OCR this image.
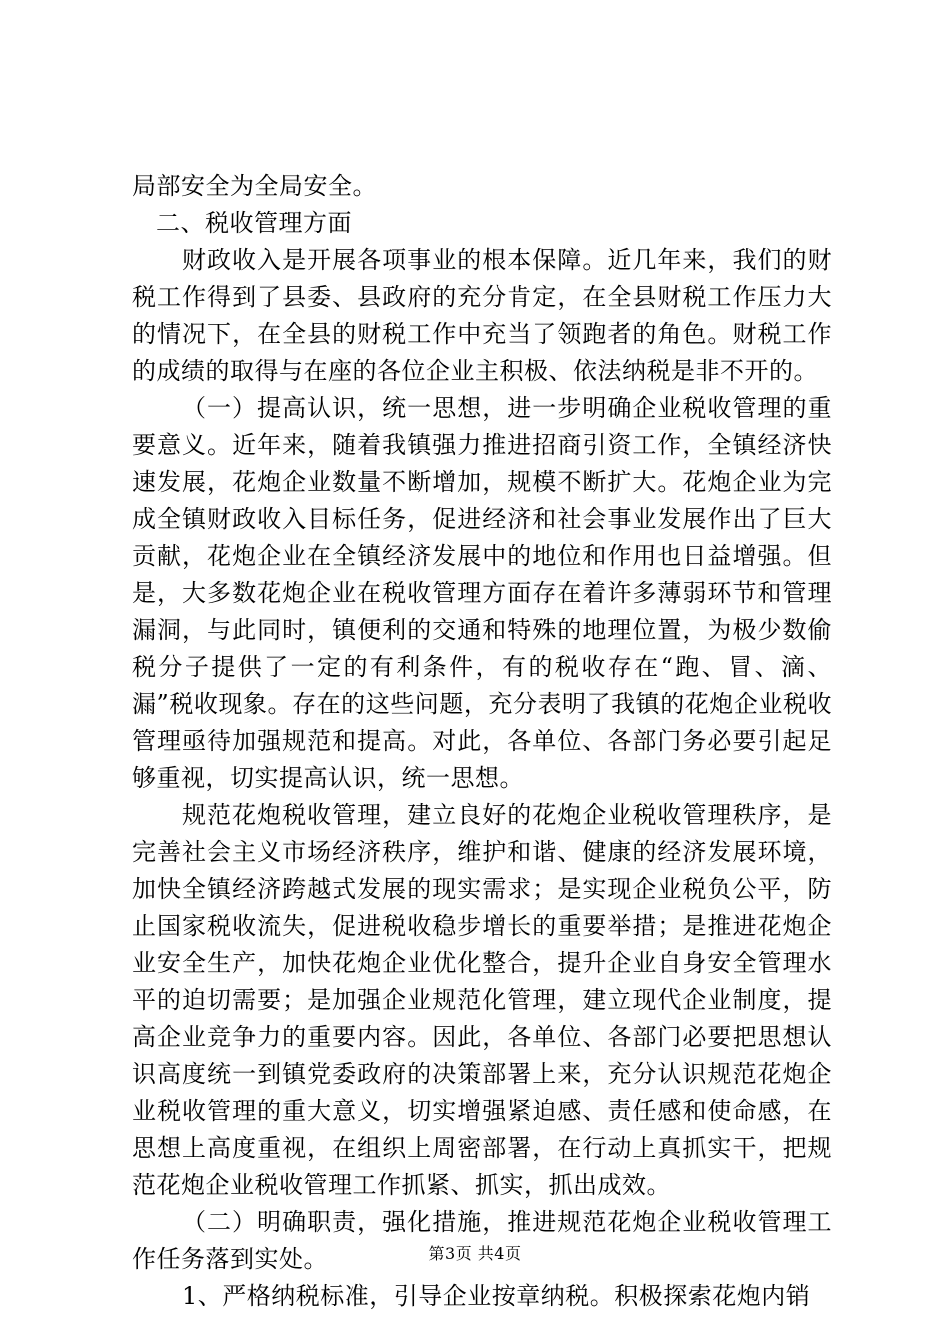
局部安全为全局安全。

二、税收管理方面

财政收入是开展各项事业的根本保障。近几年来，我们的财税工作得到了县委、县政府的充分肯定，在全县财税工作压力大的情况下，在全县的财税工作中充当了领跑者的角色。财税工作的成绩的取得与在座的各位企业主积极、依法纳税是非不开的。

（一）提高认识，统一思想，进一步明确企业税收管理的重要意义。近年来，随着我镇强力推进招商引资工作，全镇经济快速发展，花炮企业数量不断增加，规模不断扩大。花炮企业为完成全镇财政收入目标任务，促进经济和社会事业发展作出了巨大贡献，花炮企业在全镇经济发展中的地位和作用也日益增强。但是，大多数花炮企业在税收管理方面存在着许多薄弱环节和管理漏洞，与此同时，镇便利的交通和特殊的地理位置，为极少数偷税分子提供了一定的有利条件，有的税收存在“跑、冒、滴、漏”税收现象。存在的这些问题，充分表明了我镇的花炮企业税收管理亟待加强规范和提高。对此，各单位、各部门务必要引起足够重视，切实提高认识，统一思想。

规范花炮税收管理，建立良好的花炮企业税收管理秩序，是完善社会主义市场经济秩序，维护和谐、健康的经济发展环境，加快全镇经济跨越式发展的现实需求；是实现企业税负公平，防止国家税收流失，促进税收稳步增长的重要举措；是推进花炮企业安全生产，加快花炮企业优化整合，提升企业自身安全管理水平的迫切需要；是加强企业规范化管理，建立现代企业制度，提高企业竞争力的重要内容。因此，各单位、各部门必要把思想认识高度统一到镇党委政府的决策部署上来，充分认识规范花炮企业税收管理的重大意义，切实增强紧迫感、责任感和使命感，在思想上高度重视，在组织上周密部署，在行动上真抓实干，把规范花炮企业税收管理工作抓紧、抓实，抓出成效。

（二）明确职责，强化措施，推进规范花炮企业税收管理工作任务落到实处。

1、严格纳税标准，引导企业按章纳税。积极探索花炮内销

第3页 共4页
